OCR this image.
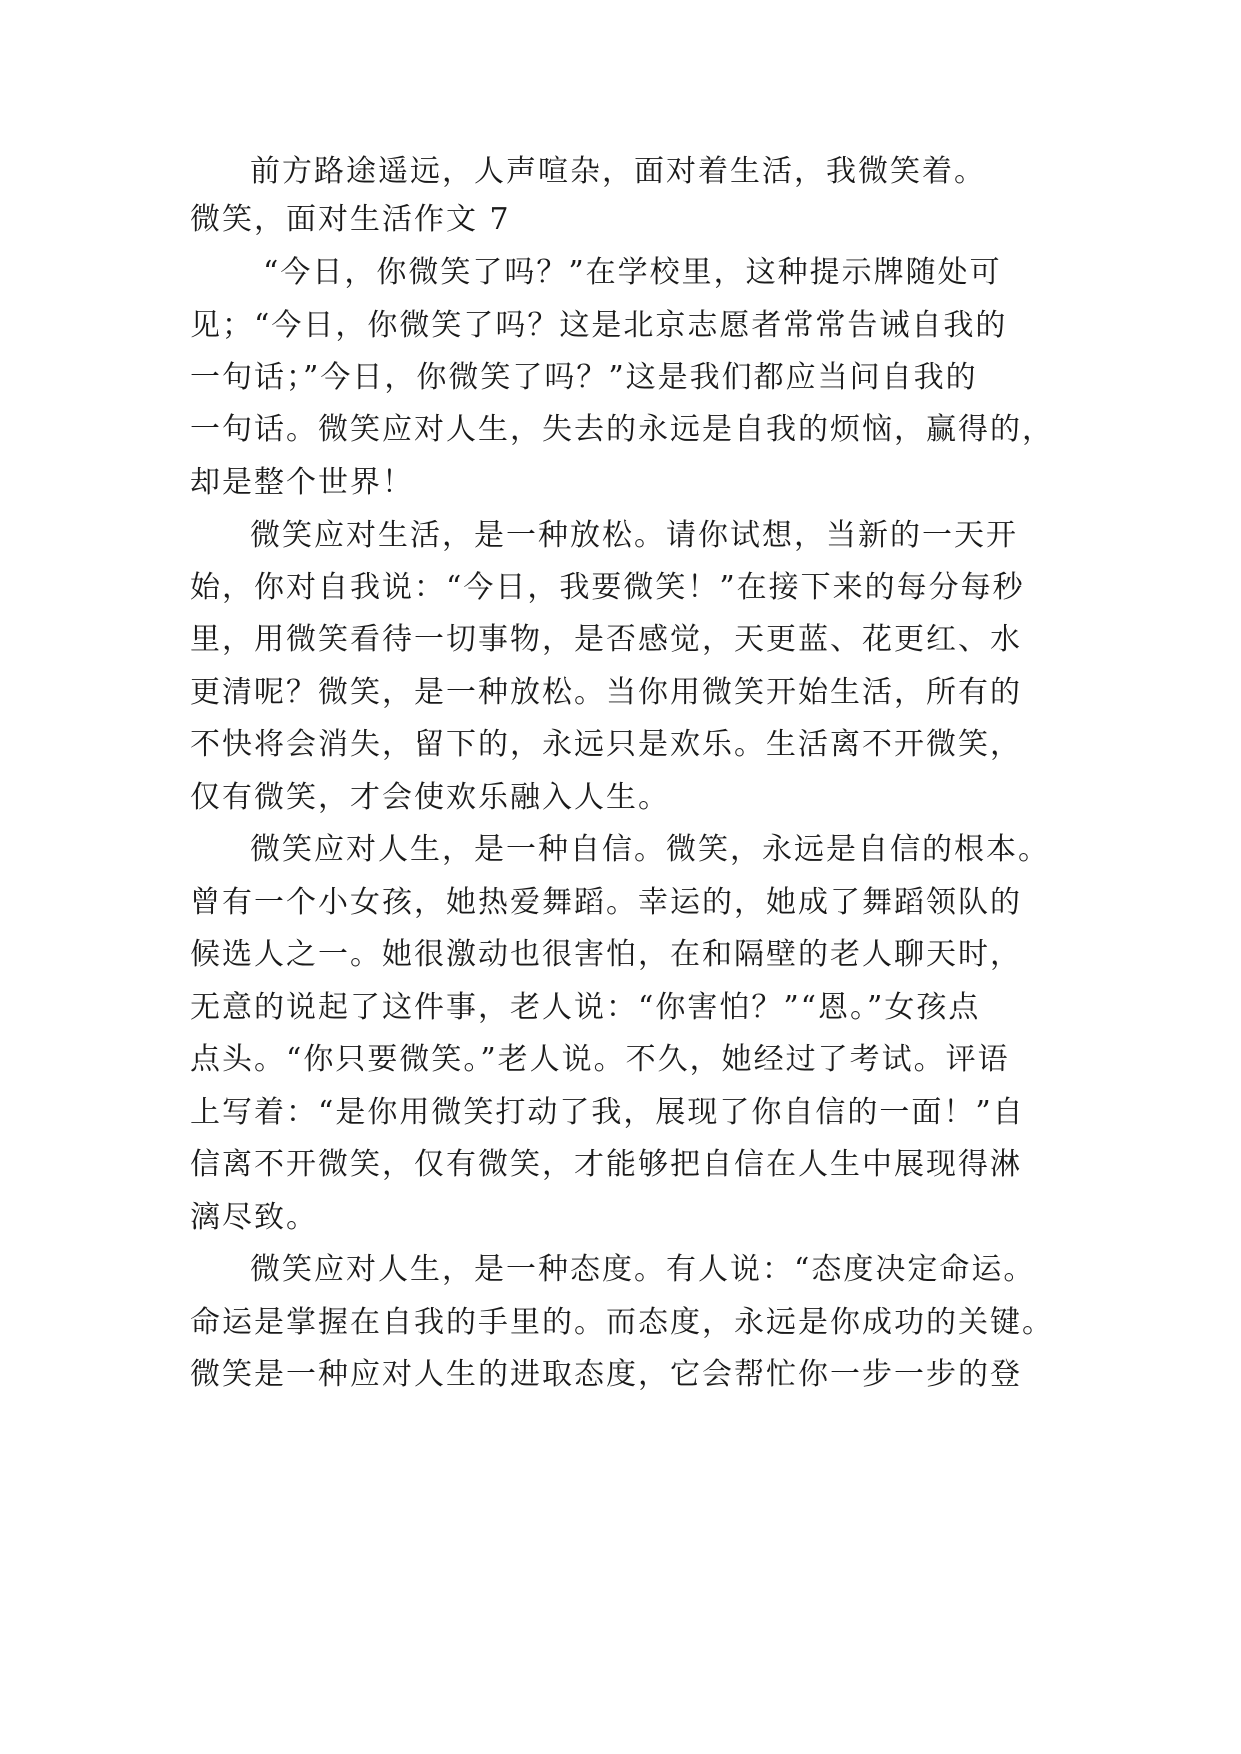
前方路途遥远，人声喧杂，面对着生活，我微笑着。
微笑，面对生活作文 7
“今日，你微笑了吗？”在学校里，这种提示牌随处可
见；“今日，你微笑了吗？这是北京志愿者常常告诫自我的
一句话；”今日，你微笑了吗？”这是我们都应当问自我的
一句话。微笑应对人生，失去的永远是自我的烦恼，赢得的，
却是整个世界！
微笑应对生活，是一种放松。请你试想，当新的一天开
始，你对自我说：“今日，我要微笑！”在接下来的每分每秒
里，用微笑看待一切事物，是否感觉，天更蓝、花更红、水
更清呢？微笑，是一种放松。当你用微笑开始生活，所有的
不快将会消失，留下的，永远只是欢乐。生活离不开微笑，
仅有微笑，才会使欢乐融入人生。
微笑应对人生，是一种自信。微笑，永远是自信的根本。
曾有一个小女孩，她热爱舞蹈。幸运的，她成了舞蹈领队的
候选人之一。她很激动也很害怕，在和隔壁的老人聊天时，
无意的说起了这件事，老人说：“你害怕？”“恩。”女孩点
点头。“你只要微笑。”老人说。不久，她经过了考试。评语
上写着：“是你用微笑打动了我，展现了你自信的一面！”自
信离不开微笑，仅有微笑，才能够把自信在人生中展现得淋
漓尽致。
微笑应对人生，是一种态度。有人说：“态度决定命运。
命运是掌握在自我的手里的。而态度，永远是你成功的关键。
微笑是一种应对人生的进取态度，它会帮忙你一步一步的登
